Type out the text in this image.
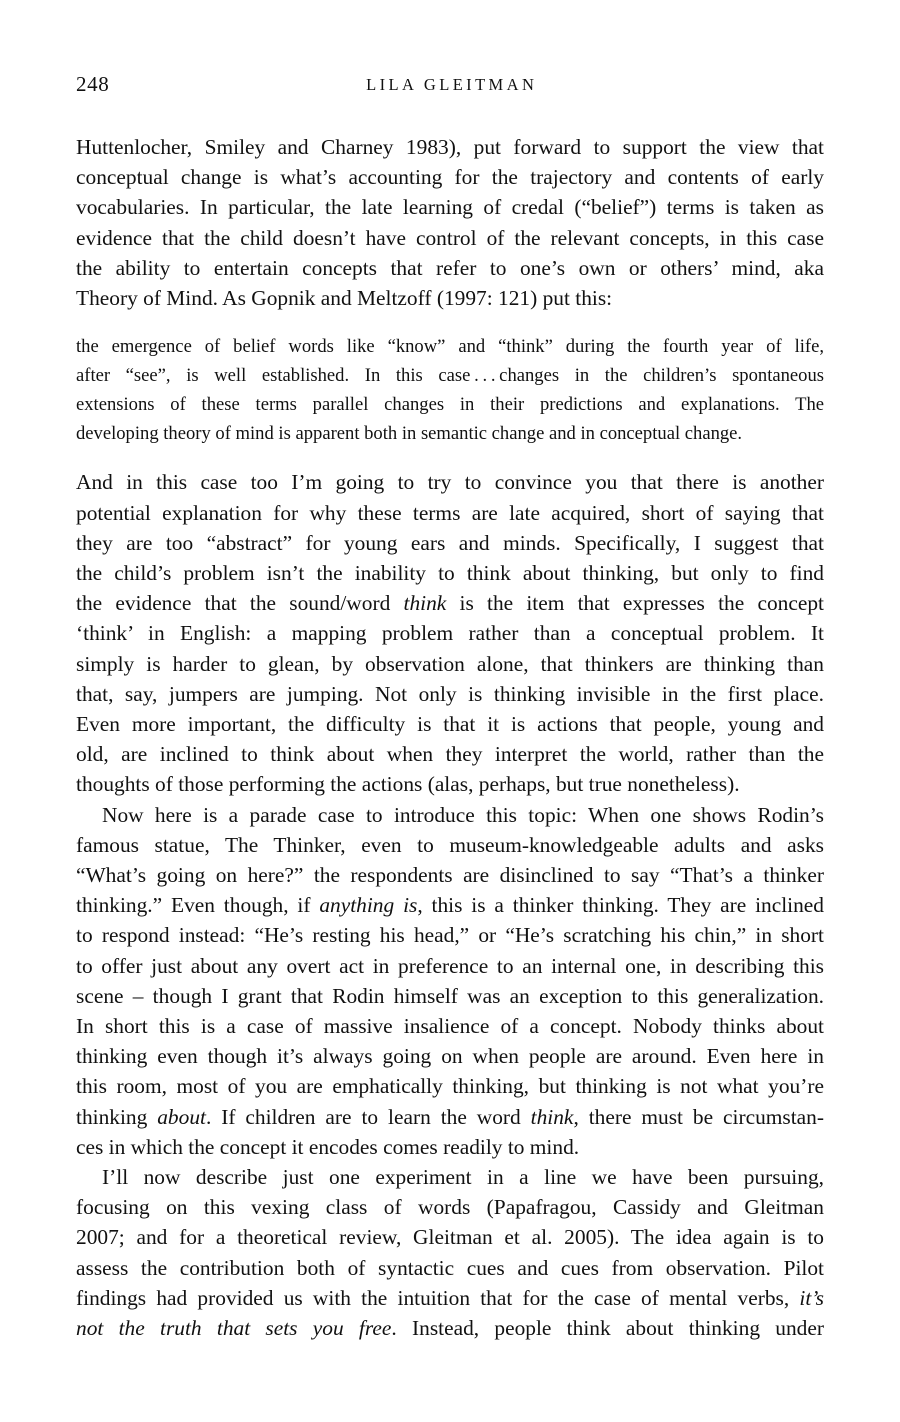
248	LILA GLEITMAN

Huttenlocher, Smiley and Charney 1983), put forward to support the view that
conceptual change is what’s accounting for the trajectory and contents of early
vocabularies. In particular, the late learning of credal (“belief”) terms is taken as
evidence that the child doesn’t have control of the relevant concepts, in this case
the ability to entertain concepts that refer to one’s own or others’ mind, aka
Theory of Mind. As Gopnik and Meltzoff (1997: 121) put this:

the emergence of belief words like “know” and “think” during the fourth year of life,
after “see”, is well established. In this case . . . changes in the children’s spontaneous
extensions of these terms parallel changes in their predictions and explanations. The
developing theory of mind is apparent both in semantic change and in conceptual change.

And in this case too I’m going to try to convince you that there is another
potential explanation for why these terms are late acquired, short of saying that
they are too “abstract” for young ears and minds. Specifically, I suggest that
the child’s problem isn’t the inability to think about thinking, but only to find
the evidence that the sound/word think is the item that expresses the concept
‘think’ in English: a mapping problem rather than a conceptual problem. It
simply is harder to glean, by observation alone, that thinkers are thinking than
that, say, jumpers are jumping. Not only is thinking invisible in the first place.
Even more important, the difficulty is that it is actions that people, young and
old, are inclined to think about when they interpret the world, rather than the
thoughts of those performing the actions (alas, perhaps, but true nonetheless).

Now here is a parade case to introduce this topic: When one shows Rodin’s
famous statue, The Thinker, even to museum-knowledgeable adults and asks
“What’s going on here?” the respondents are disinclined to say “That’s a thinker
thinking.” Even though, if anything is, this is a thinker thinking. They are inclined
to respond instead: “He’s resting his head,” or “He’s scratching his chin,” in short
to offer just about any overt act in preference to an internal one, in describing this
scene – though I grant that Rodin himself was an exception to this generalization.
In short this is a case of massive insalience of a concept. Nobody thinks about
thinking even though it’s always going on when people are around. Even here in
this room, most of you are emphatically thinking, but thinking is not what you’re
thinking about. If children are to learn the word think, there must be circumstan-
ces in which the concept it encodes comes readily to mind.

I’ll now describe just one experiment in a line we have been pursuing,
focusing on this vexing class of words (Papafragou, Cassidy and Gleitman
2007; and for a theoretical review, Gleitman et al. 2005). The idea again is to
assess the contribution both of syntactic cues and cues from observation. Pilot
findings had provided us with the intuition that for the case of mental verbs, it’s
not the truth that sets you free. Instead, people think about thinking under
